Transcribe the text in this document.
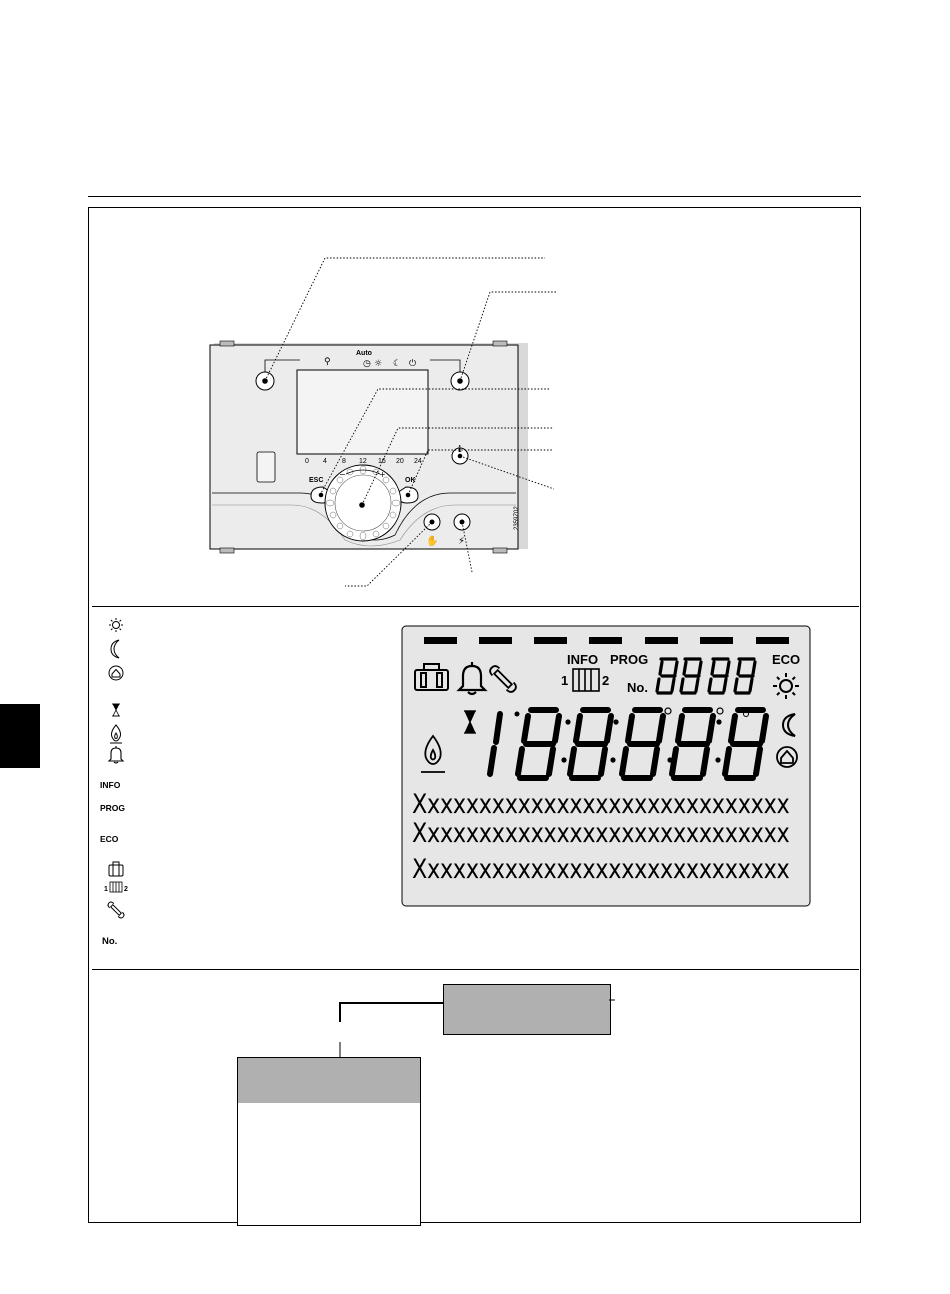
⚲	◷ ☼ ☾ ⏻
−	+
✋ ⚡
Auto
0 4 8 12 16 20 24
ESC	OK
ℹ
2359Z02
1 2
INFO
PROG
ECO
No.
INFO PROG	ECO
No.
1	2
Xxxxxxxxxxxxxxxxxxxxxxxxxxxxx
Xxxxxxxxxxxxxxxxxxxxxxxxxxxxx
Xxxxxxxxxxxxxxxxxxxxxxxxxxxxx
